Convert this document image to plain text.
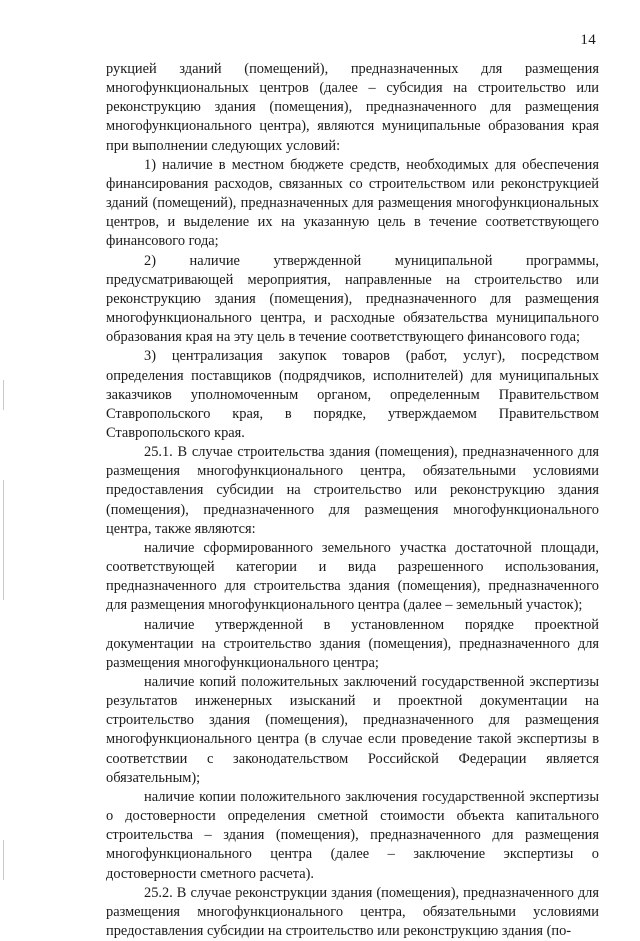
14

рукцией зданий (помещений), предназначенных для размещения многофункциональных центров (далее – субсидия на строительство или реконструкцию здания (помещения), предназначенного для размещения многофункционального центра), являются муниципальные образования края при выполнении следующих условий:

1) наличие в местном бюджете средств, необходимых для обеспечения финансирования расходов, связанных со строительством или реконструкцией зданий (помещений), предназначенных для размещения многофункциональных центров, и выделение их на указанную цель в течение соответствующего финансового года;

2) наличие утвержденной муниципальной программы, предусматривающей мероприятия, направленные на строительство или реконструкцию здания (помещения), предназначенного для размещения многофункционального центра, и расходные обязательства муниципального образования края на эту цель в течение соответствующего финансового года;

3) централизация закупок товаров (работ, услуг), посредством определения поставщиков (подрядчиков, исполнителей) для муниципальных заказчиков уполномоченным органом, определенным Правительством Ставропольского края, в порядке, утверждаемом Правительством Ставропольского края.

25.1. В случае строительства здания (помещения), предназначенного для размещения многофункционального центра, обязательными условиями предоставления субсидии на строительство или реконструкцию здания (помещения), предназначенного для размещения многофункционального центра, также являются:

наличие сформированного земельного участка достаточной площади, соответствующей категории и вида разрешенного использования, предназначенного для строительства здания (помещения), предназначенного для размещения многофункционального центра (далее – земельный участок);

наличие утвержденной в установленном порядке проектной документации на строительство здания (помещения), предназначенного для размещения многофункционального центра;

наличие копий положительных заключений государственной экспертизы результатов инженерных изысканий и проектной документации на строительство здания (помещения), предназначенного для размещения многофункционального центра (в случае если проведение такой экспертизы в соответствии с законодательством Российской Федерации является обязательным);

наличие копии положительного заключения государственной экспертизы о достоверности определения сметной стоимости объекта капитального строительства – здания (помещения), предназначенного для размещения многофункционального центра (далее – заключение экспертизы о достоверности сметного расчета).

25.2. В случае реконструкции здания (помещения), предназначенного для размещения многофункционального центра, обязательными условиями предоставления субсидии на строительство или реконструкцию здания (по-
